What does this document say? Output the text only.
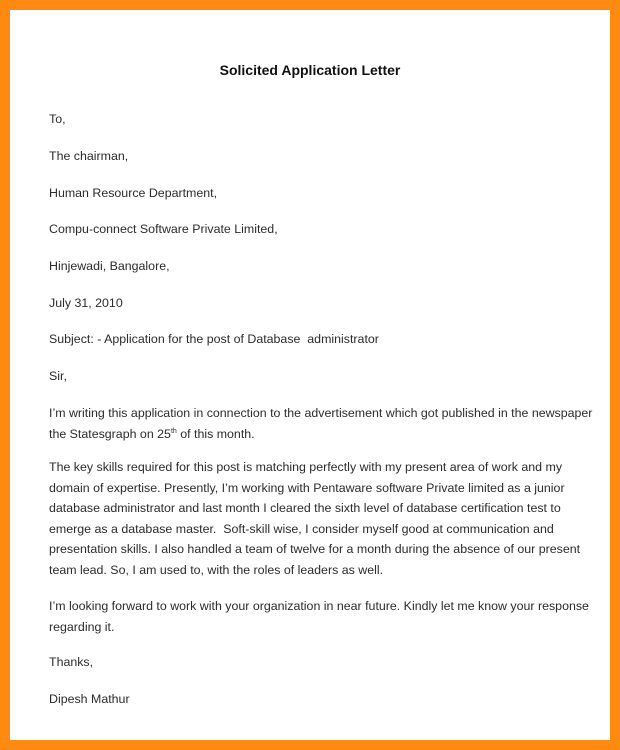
Solicited Application Letter
To,
The chairman,
Human Resource Department,
Compu-connect Software Private Limited,
Hinjewadi, Bangalore,
July 31, 2010
Subject: - Application for the post of Database  administrator
Sir,
I’m writing this application in connection to the advertisement which got published in the newspaper
the Statesgraph on 25th of this month.
The key skills required for this post is matching perfectly with my present area of work and my
domain of expertise. Presently, I’m working with Pentaware software Private limited as a junior
database administrator and last month I cleared the sixth level of database certification test to
emerge as a database master.  Soft-skill wise, I consider myself good at communication and
presentation skills. I also handled a team of twelve for a month during the absence of our present
team lead. So, I am used to, with the roles of leaders as well.
I’m looking forward to work with your organization in near future. Kindly let me know your response
regarding it.
Thanks,
Dipesh Mathur
